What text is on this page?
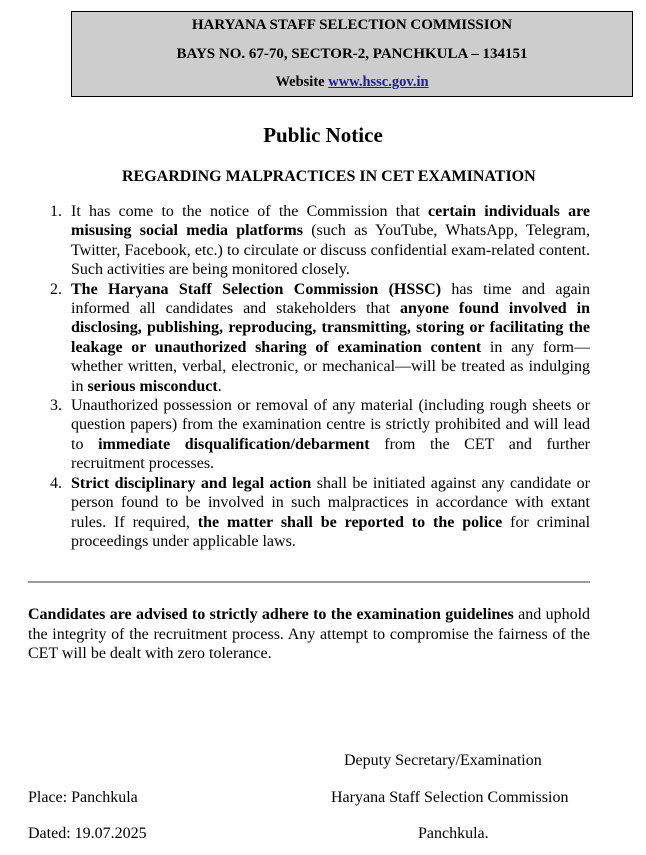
HARYANA STAFF SELECTION COMMISSION
BAYS NO. 67-70, SECTOR-2, PANCHKULA – 134151
Website www.hssc.gov.in
Public Notice
REGARDING MALPRACTICES IN CET EXAMINATION
1. It has come to the notice of the Commission that certain individuals are misusing social media platforms (such as YouTube, WhatsApp, Telegram, Twitter, Facebook, etc.) to circulate or discuss confidential exam-related content. Such activities are being monitored closely.
2. The Haryana Staff Selection Commission (HSSC) has time and again informed all candidates and stakeholders that anyone found involved in disclosing, publishing, reproducing, transmitting, storing or facilitating the leakage or unauthorized sharing of examination content in any form—whether written, verbal, electronic, or mechanical—will be treated as indulging in serious misconduct.
3. Unauthorized possession or removal of any material (including rough sheets or question papers) from the examination centre is strictly prohibited and will lead to immediate disqualification/debarment from the CET and further recruitment processes.
4. Strict disciplinary and legal action shall be initiated against any candidate or person found to be involved in such malpractices in accordance with extant rules. If required, the matter shall be reported to the police for criminal proceedings under applicable laws.

Candidates are advised to strictly adhere to the examination guidelines and uphold the integrity of the recruitment process. Any attempt to compromise the fairness of the CET will be dealt with zero tolerance.

Deputy Secretary/Examination
Place: Panchkula	Haryana Staff Selection Commission
Dated: 19.07.2025	Panchkula.
